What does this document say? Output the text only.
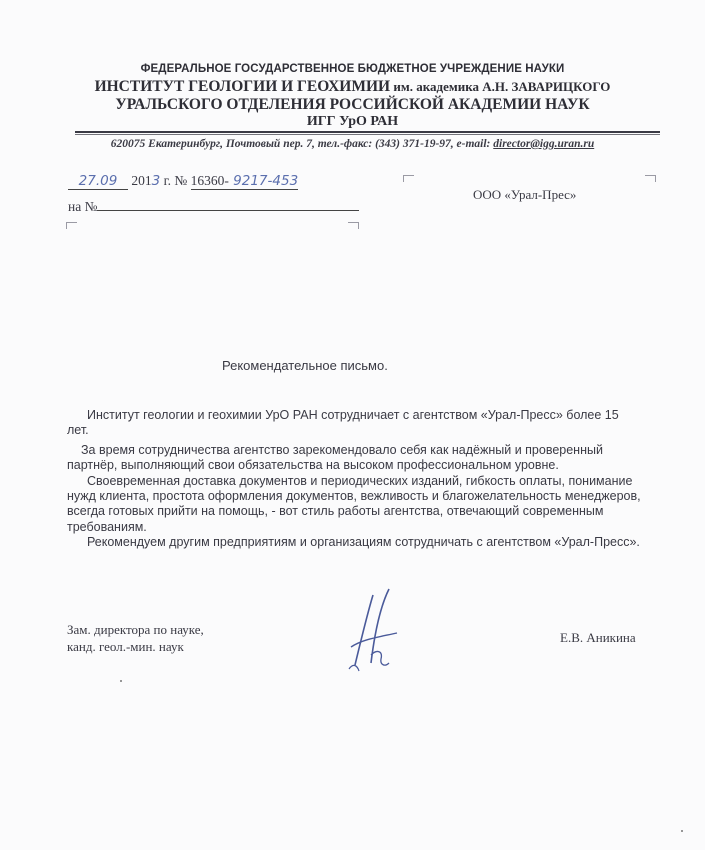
ФЕДЕРАЛЬНОЕ ГОСУДАРСТВЕННОЕ БЮДЖЕТНОЕ УЧРЕЖДЕНИЕ НАУКИ
ИНСТИТУТ ГЕОЛОГИИ И ГЕОХИМИИ им. академика А.Н. ЗАВАРИЦКОГО
УРАЛЬСКОГО ОТДЕЛЕНИЯ РОССИЙСКОЙ АКАДЕМИИ НАУК
ИГГ УрО РАН
620075 Екатеринбург, Почтовый пер. 7, тел.-факс: (343) 371-19-97, e-mail: director@igg.uran.ru
27.09 2013 г. № 16360- 9217-453
на №
ООО «Урал-Прес»
Рекомендательное письмо.

Институт геологии и геохимии УрО РАН сотрудничает с агентством «Урал-Пресс» более 15 лет.

За время сотрудничества агентство зарекомендовало себя как надёжный и проверенный партнёр, выполняющий свои обязательства на высоком профессиональном уровне.

Своевременная доставка документов и периодических изданий, гибкость оплаты, понимание нужд клиента, простота оформления документов, вежливость и благожелательность менеджеров, всегда готовых прийти на помощь, - вот стиль работы агентства, отвечающий современным требованиям.

Рекомендуем другим предприятиям и организациям сотрудничать с агентством «Урал-Пресс».

Зам. директора по науке,
канд. геол.-мин. наук
Е.В. Аникина
